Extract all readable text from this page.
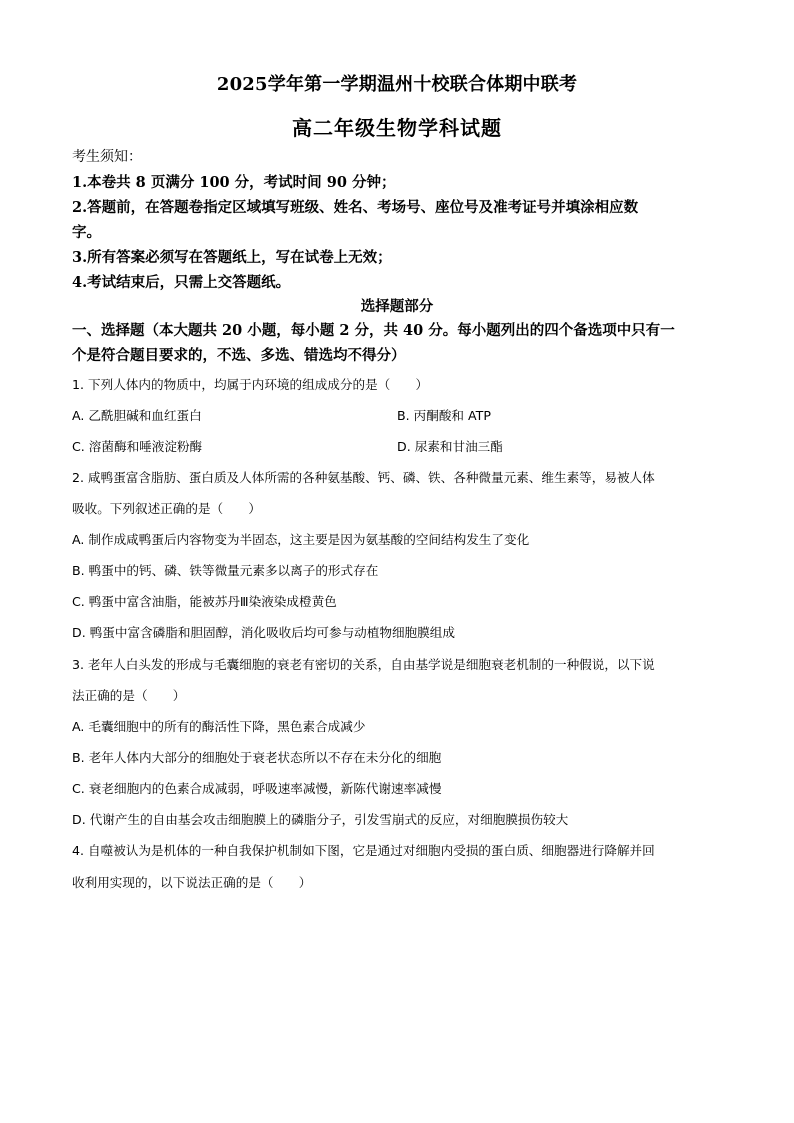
2025学年第一学期温州十校联合体期中联考
高二年级生物学科试题
考生须知：
1.本卷共 8 页满分 100 分，考试时间 90 分钟；
2.答题前，在答题卷指定区域填写班级、姓名、考场号、座位号及准考证号并填涂相应数
字。
3.所有答案必须写在答题纸上，写在试卷上无效；
4.考试结束后，只需上交答题纸。
选择题部分
一、选择题（本大题共 20 小题，每小题 2 分，共 40 分。每小题列出的四个备选项中只有一
个是符合题目要求的，不选、多选、错选均不得分）
1. 下列人体内的物质中，均属于内环境的组成成分的是（　　）
A. 乙酰胆碱和血红蛋白	B. 丙酮酸和 ATP
C. 溶菌酶和唾液淀粉酶	D. 尿素和甘油三酯
2. 咸鸭蛋富含脂肪、蛋白质及人体所需的各种氨基酸、钙、磷、铁、各种微量元素、维生素等，易被人体
吸收。下列叙述正确的是（　　）
A. 制作成咸鸭蛋后内容物变为半固态，这主要是因为氨基酸的空间结构发生了变化
B. 鸭蛋中的钙、磷、铁等微量元素多以离子的形式存在
C. 鸭蛋中富含油脂，能被苏丹Ⅲ染液染成橙黄色
D. 鸭蛋中富含磷脂和胆固醇，消化吸收后均可参与动植物细胞膜组成
3. 老年人白头发的形成与毛囊细胞的衰老有密切的关系，自由基学说是细胞衰老机制的一种假说，以下说
法正确的是（　　）
A. 毛囊细胞中的所有的酶活性下降，黑色素合成减少
B. 老年人体内大部分的细胞处于衰老状态所以不存在未分化的细胞
C. 衰老细胞内的色素合成减弱，呼吸速率减慢，新陈代谢速率减慢
D. 代谢产生的自由基会攻击细胞膜上的磷脂分子，引发雪崩式的反应，对细胞膜损伤较大
4. 自噬被认为是机体的一种自我保护机制如下图，它是通过对细胞内受损的蛋白质、细胞器进行降解并回
收利用实现的，以下说法正确的是（　　）
